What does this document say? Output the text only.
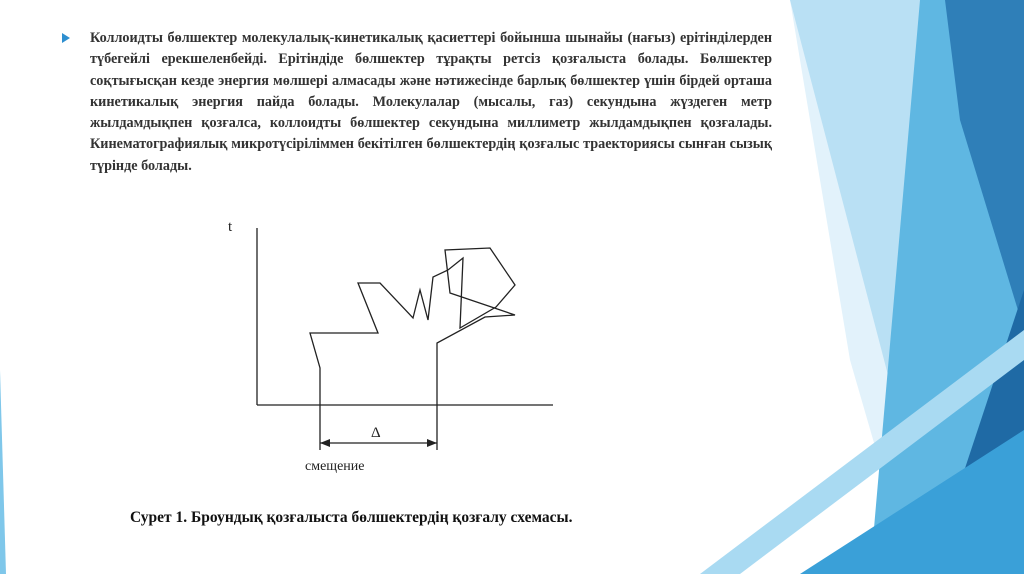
Коллоидты бөлшектер молекулалық-кинетикалық қасиеттері бойынша шынайы (нағыз) ерітінділерден түбегейлі ерекшеленбейді. Ерітіндіде бөлшектер тұрақты ретсіз қозғалыста болады. Бөлшектер соқтығысқан кезде энергия мөлшері алмасады және нәтижесінде барлық бөлшектер үшін бірдей орташа кинетикалық энергия пайда болады. Молекулалар (мысалы, газ) секундына жүздеген метр жылдамдықпен қозғалса, коллоидты бөлшектер секундына миллиметр жылдамдықпен қозғалады. Кинематографиялық микротүсіріліммен бекітілген бөлшектердің қозғалыс траекториясы сынған сызық түрінде болады.

t
Δ
смещение

Сурет 1. Броундық қозғалыста бөлшектердің қозғалу схемасы.
